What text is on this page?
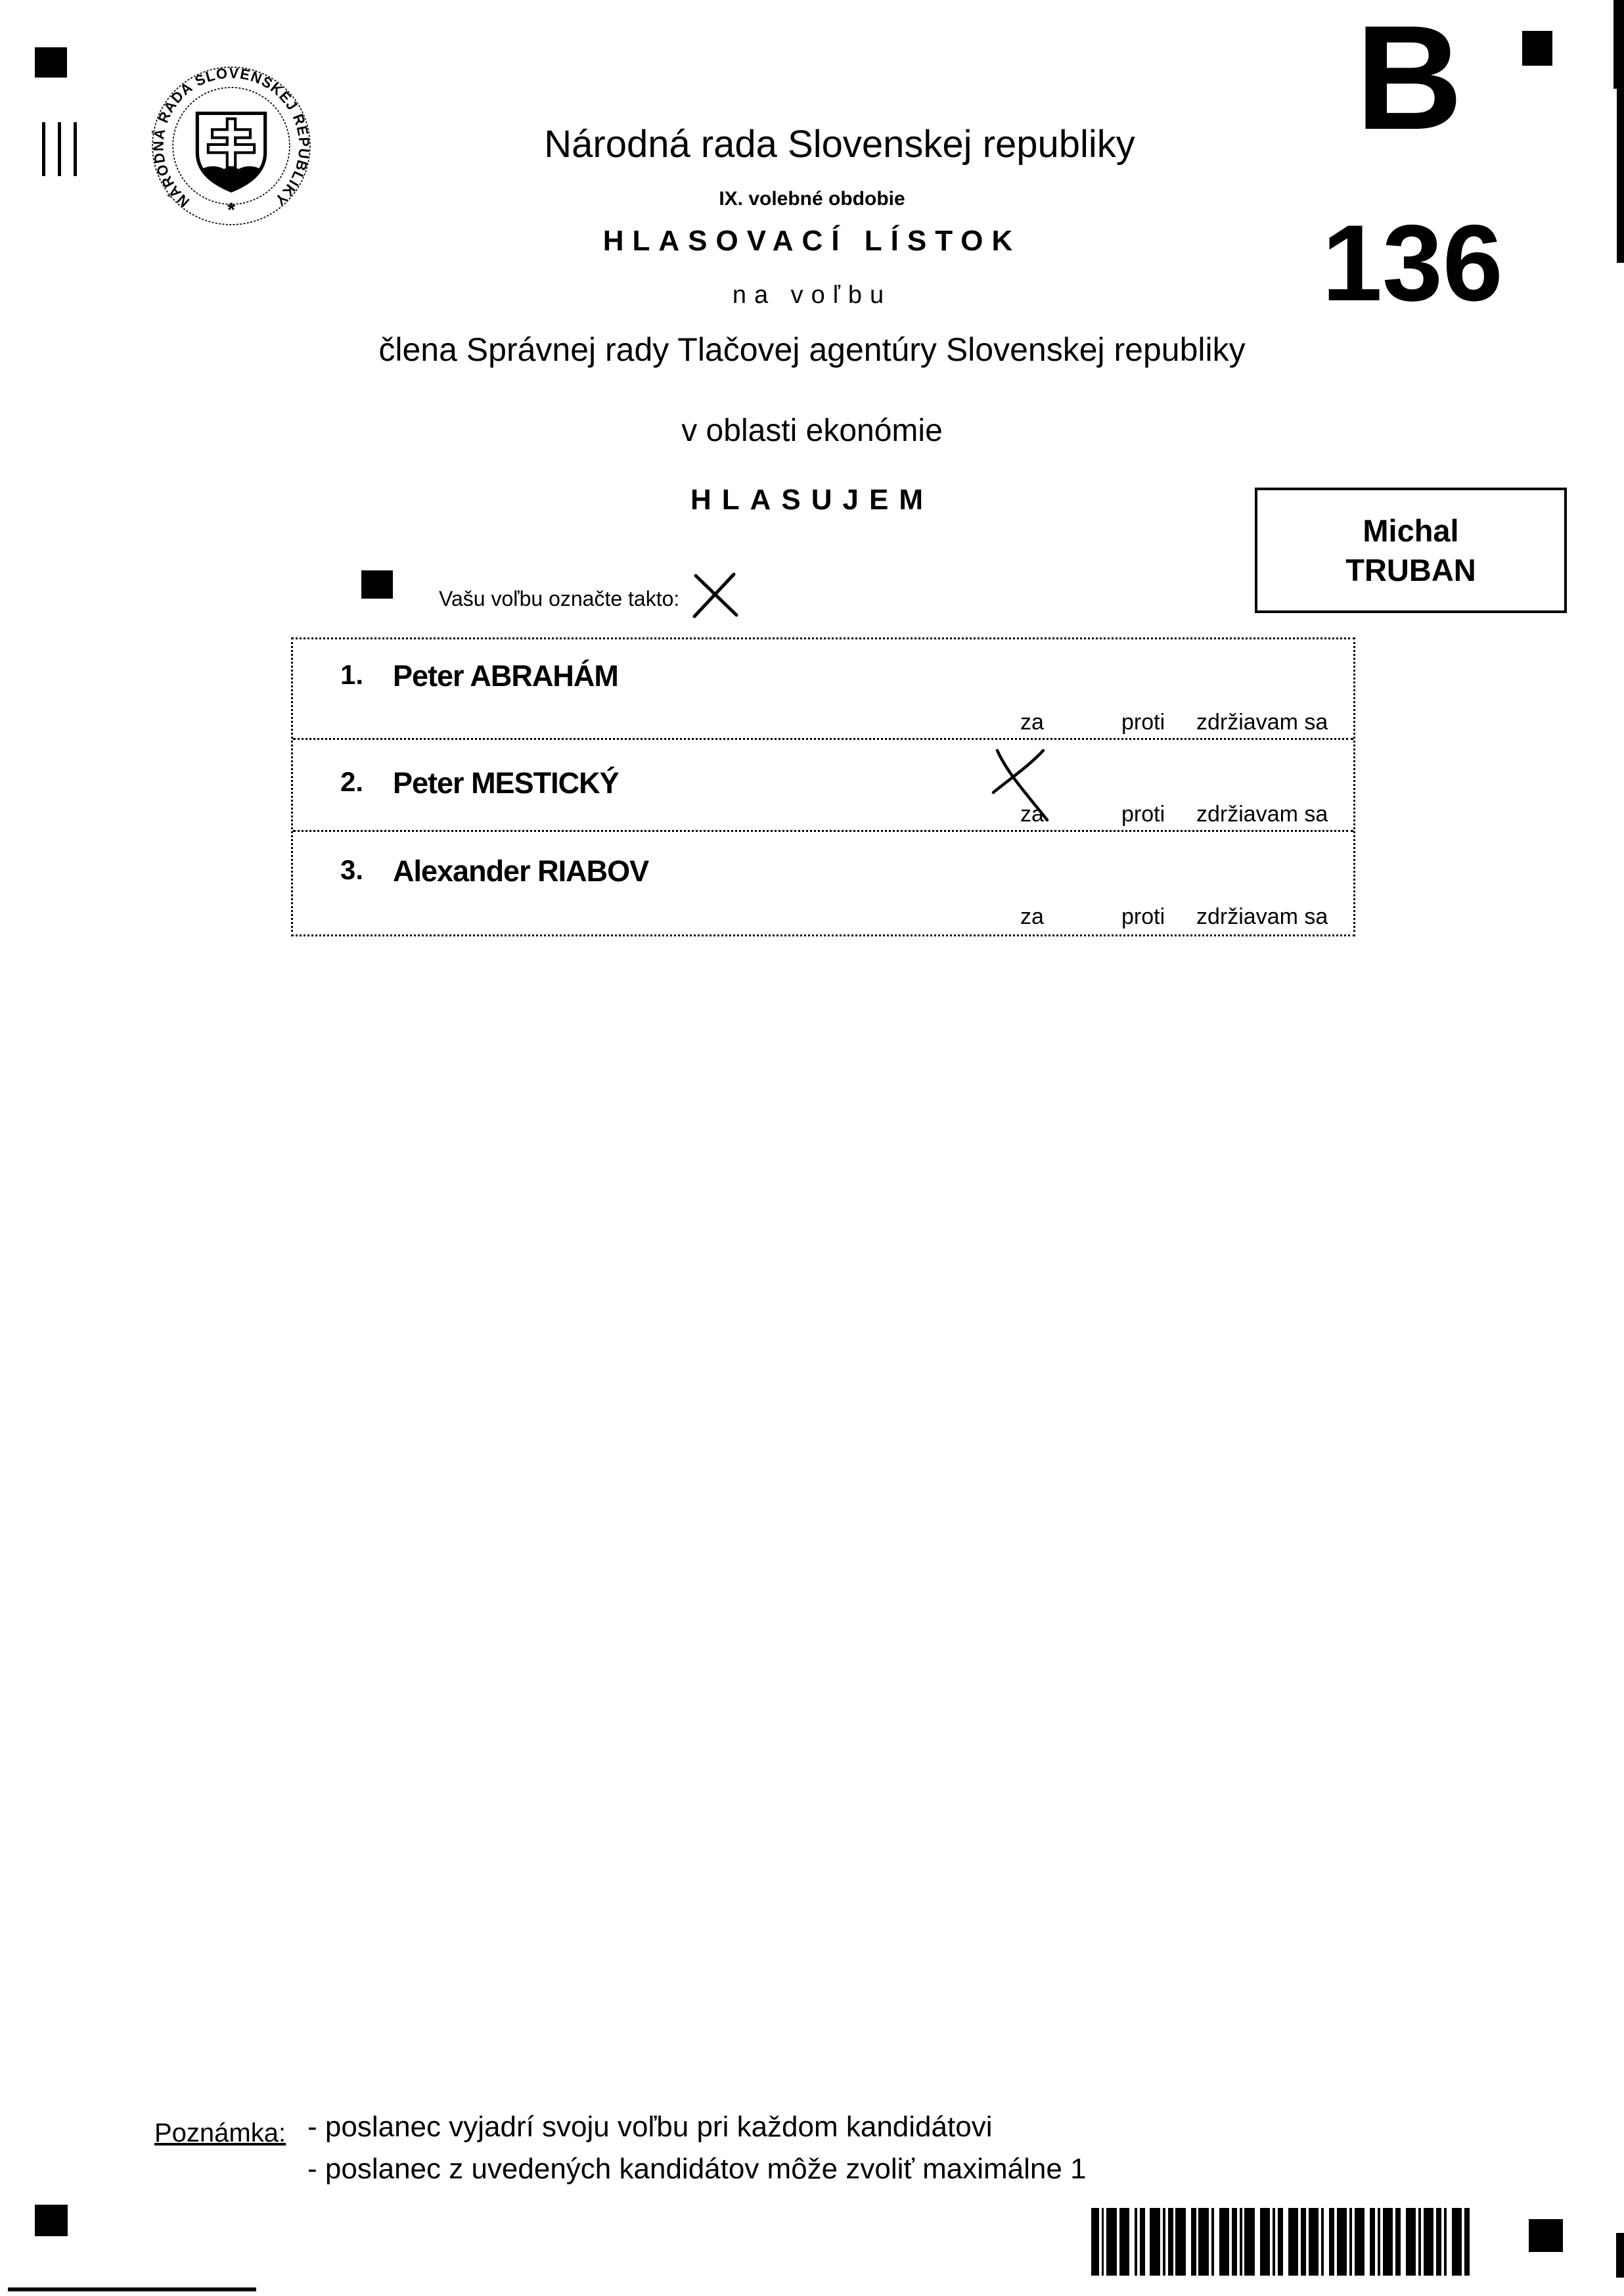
NÁRODNÁ RADA SLOVENSKEJ REPUBLIKY
*
Národná rada Slovenskej republiky
IX. volebné obdobie
HLASOVACÍ LÍSTOK
na voľbu
člena Správnej rady Tlačovej agentúry Slovenskej republiky
v oblasti ekonómie
HLASUJEM
B
136
Michal
TRUBAN
Vašu voľbu označte takto:
1. Peter ABRAHÁM
za	proti zdržiavam sa
2. Peter MESTICKÝ
za	proti zdržiavam sa
3. Alexander RIABOV
za	proti zdržiavam sa
Poznámka: - poslanec vyjadrí svoju voľbu pri každom kandidátovi
- poslanec z uvedených kandidátov môže zvoliť maximálne 1
